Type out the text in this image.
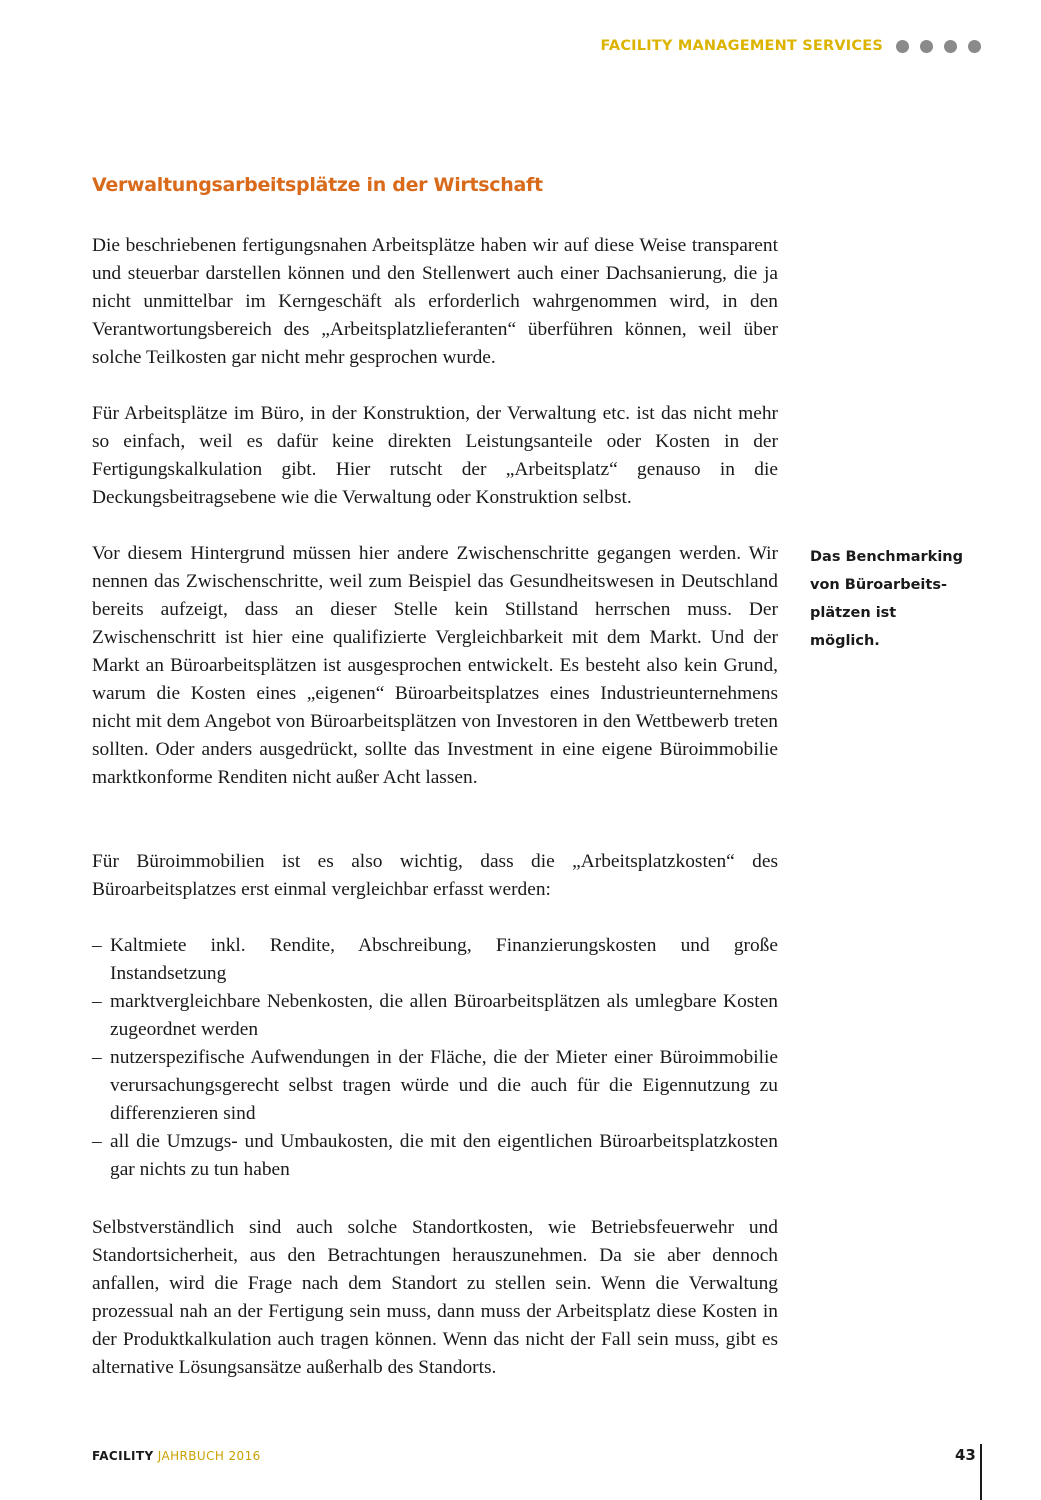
FACILITY MANAGEMENT SERVICES
Verwaltungsarbeitsplätze in der Wirtschaft

Die beschriebenen fertigungsnahen Arbeitsplätze haben wir auf diese Weise transparent und steuerbar darstellen können und den Stellenwert auch einer Dachsanierung, die ja nicht unmittelbar im Kerngeschäft als erforderlich wahrgenommen wird, in den Verantwortungsbereich des „Arbeitsplatzlieferanten“ überführen können, weil über solche Teilkosten gar nicht mehr gesprochen wurde.

Für Arbeitsplätze im Büro, in der Konstruktion, der Verwaltung etc. ist das nicht mehr so einfach, weil es dafür keine direkten Leistungsanteile oder Kosten in der Fertigungskalkulation gibt. Hier rutscht der „Arbeitsplatz“ genauso in die Deckungsbeitragsebene wie die Verwaltung oder Konstruktion selbst.

Vor diesem Hintergrund müssen hier andere Zwischenschritte gegangen werden. Wir nennen das Zwischenschritte, weil zum Beispiel das Gesundheitswesen in Deutschland bereits aufzeigt, dass an dieser Stelle kein Stillstand herrschen muss. Der Zwischenschritt ist hier eine qualifizierte Vergleichbarkeit mit dem Markt. Und der Markt an Büroarbeitsplätzen ist ausgesprochen entwickelt. Es besteht also kein Grund, warum die Kosten eines „eigenen“ Büroarbeitsplatzes eines Industrieunternehmens nicht mit dem Angebot von Büroarbeitsplätzen von Investoren in den Wettbewerb treten sollten. Oder anders ausgedrückt, sollte das Investment in eine eigene Büroimmobilie marktkonforme Renditen nicht außer Acht lassen.

Für Büroimmobilien ist es also wichtig, dass die „Arbeitsplatzkosten“ des Büroarbeitsplatzes erst einmal vergleichbar erfasst werden:

– Kaltmiete inkl. Rendite, Abschreibung, Finanzierungskosten und große Instandsetzung
– marktvergleichbare Nebenkosten, die allen Büroarbeitsplätzen als umlegbare Kosten zugeordnet werden
– nutzerspezifische Aufwendungen in der Fläche, die der Mieter einer Büroimmobilie verursachungsgerecht selbst tragen würde und die auch für die Eigennutzung zu differenzieren sind
– all die Umzugs- und Umbaukosten, die mit den eigentlichen Büroarbeitsplatzkosten gar nichts zu tun haben

Selbstverständlich sind auch solche Standortkosten, wie Betriebsfeuerwehr und Standortsicherheit, aus den Betrachtungen herauszunehmen. Da sie aber dennoch anfallen, wird die Frage nach dem Standort zu stellen sein. Wenn die Verwaltung prozessual nah an der Fertigung sein muss, dann muss der Arbeitsplatz diese Kosten in der Produktkalkulation auch tragen können. Wenn das nicht der Fall sein muss, gibt es alternative Lösungsansätze außerhalb des Standorts.

Das Benchmarking von Büroarbeitsplätzen ist möglich.

FACILITY JAHRBUCH 2016	43
